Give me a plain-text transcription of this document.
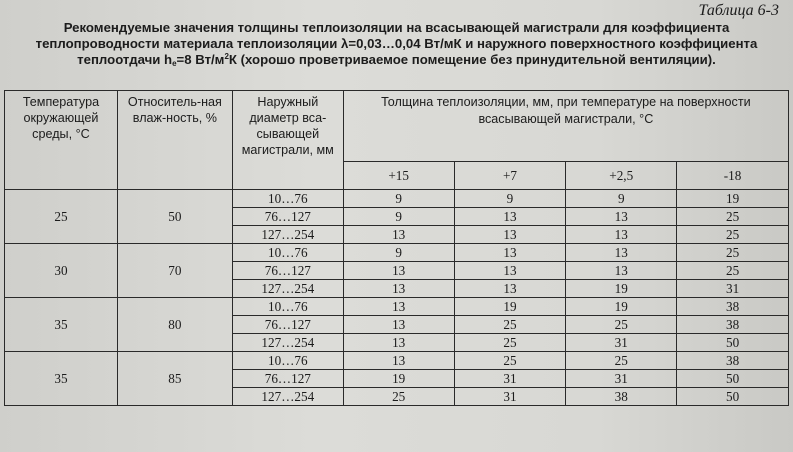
Таблица 6-3
Рекомендуемые значения толщины теплоизоляции на всасывающей магистрали для коэффициента
теплопроводности материала теплоизоляции λ=0,03…0,04 Вт/мК и наружного поверхностного коэффициента
теплоотдачи $h_e=8$ $Вт/м^2К$ (хорошо проветриваемое помещение без принудительной вентиляции).
Температура окружающей среды, °C	Относитель-ная влаж-ность, %	Наружный диаметр вса-сывающей магистрали, мм	Толщина теплоизоляции, мм, при температуре на поверхности всасывающей магистрали, °C			
			+15	+7	+2,5	-18
25	50	10…76	9	9	9	19
		76…127	9	13	13	25
		127…254	13	13	13	25
30	70	10…76	9	13	13	25
		76…127	13	13	13	25
		127…254	13	13	19	31
35	80	10…76	13	19	19	38
		76…127	13	25	25	38
		127…254	13	25	31	50
35	85	10…76	13	25	25	38
		76…127	19	31	31	50
		127…254	25	31	38	50
